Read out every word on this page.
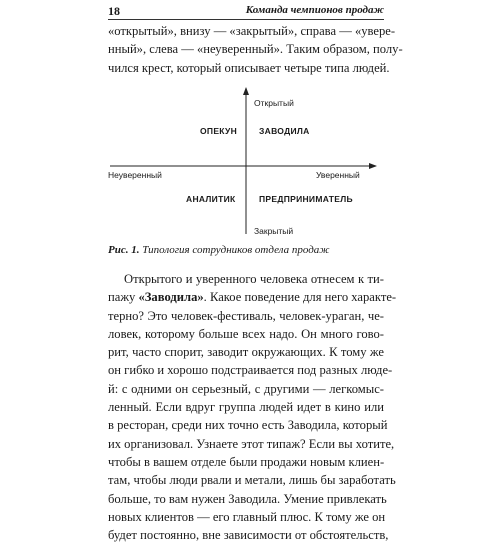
18	Команда чемпионов продаж
«открытый», внизу — «закрытый», справа — «увере-
нный», слева — «неуверенный». Таким образом, полу-
чился крест, который описывает четыре типа людей.
Открытый
Закрытый
Неуверенный	Уверенный
ОПЕКУН	ЗАВОДИЛА
АНАЛИТИК	ПРЕДПРИНИМАТЕЛЬ
Рис. 1. Типология сотрудников отдела продаж
Открытого и уверенного человека отнесем к ти-
пажу «Заводила». Какое поведение для него характе-
терно? Это человек-фестиваль, человек-ураган, че-
ловек, которому больше всех надо. Он много гово-
рит, часто спорит, заводит окружающих. К тому же
он гибко и хорошо подстраивается под разных люде-
й: с одними он серьезный, с другими — легкомыс-
ленный. Если вдруг группа людей идет в кино или
в ресторан, среди них точно есть Заводила, который
их организовал. Узнаете этот типаж? Если вы хотите,
чтобы в вашем отделе были продажи новым клиен-
там, чтобы люди рвали и метали, лишь бы заработать
больше, то вам нужен Заводила. Умение привлекать
новых клиентов — его главный плюс. К тому же он
будет постоянно, вне зависимости от обстоятельств,
